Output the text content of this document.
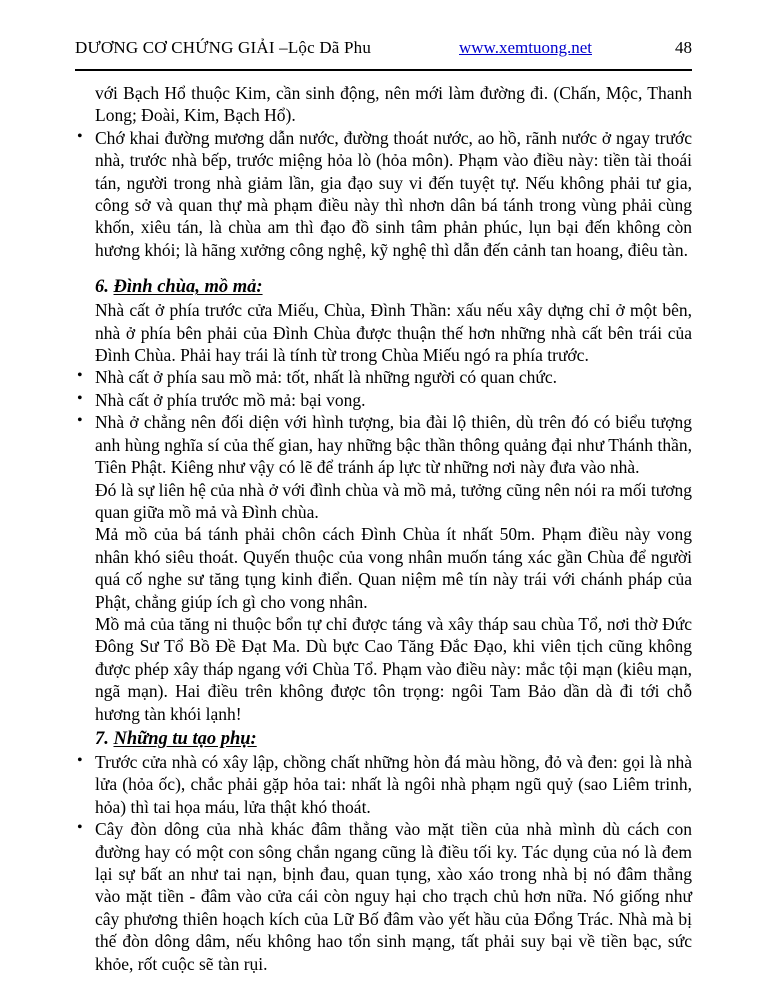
DƯƠNG CƠ CHỨNG GIẢI –Lộc Dã Phu	www.xemtuong.net	48

với Bạch Hổ thuộc Kim, cần sinh động, nên mới làm đường đi. (Chấn, Mộc, Thanh Long; Đoài, Kim, Bạch Hổ).

• Chớ khai đường mương dẫn nước, đường thoát nước, ao hồ, rãnh nước ở ngay trước nhà, trước nhà bếp, trước miệng hỏa lò (hỏa môn). Phạm vào điều này: tiền tài thoái tán, người trong nhà giảm lần, gia đạo suy vi đến tuyệt tự. Nếu không phải tư gia, công sở và quan thự mà phạm điều này thì nhơn dân bá tánh trong vùng phải cùng khốn, xiêu tán, là chùa am thì đạo đồ sinh tâm phản phúc, lụn bại đến không còn hương khói; là hãng xưởng công nghệ, kỹ nghệ thì dẫn đến cảnh tan hoang, điêu tàn.
6. Đình chùa, mồ mả:

Nhà cất ở phía trước cửa Miếu, Chùa, Đình Thần: xấu nếu xây dựng chỉ ở một bên, nhà ở phía bên phải của Đình Chùa được thuận thế hơn những nhà cất bên trái của Đình Chùa. Phải hay trái là tính từ trong Chùa Miếu ngó ra phía trước.

• Nhà cất ở phía sau mồ mả: tốt, nhất là những người có quan chức.
• Nhà cất ở phía trước mồ mả: bại vong.
• Nhà ở chẳng nên đối diện với hình tượng, bia đài lộ thiên, dù trên đó có biểu tượng anh hùng nghĩa sí của thế gian, hay những bậc thần thông quảng đại như Thánh thần, Tiên Phật. Kiêng như vậy có lẽ để tránh áp lực từ những nơi này đưa vào nhà.

Đó là sự liên hệ của nhà ở với đình chùa và mồ mả, tưởng cũng nên nói ra mối tương quan giữa mồ mả và Đình chùa.

Mả mồ của bá tánh phải chôn cách Đình Chùa ít nhất 50m. Phạm điều này vong nhân khó siêu thoát. Quyến thuộc của vong nhân muốn táng xác gần Chùa để người quá cố nghe sư tăng tụng kinh điển. Quan niệm mê tín này trái với chánh pháp của Phật, chẳng giúp ích gì cho vong nhân.

Mồ mả của tăng ni thuộc bổn tự chỉ được táng và xây tháp sau chùa Tổ, nơi thờ Đức Đông Sư Tổ Bồ Đề Đạt Ma. Dù bực Cao Tăng Đắc Đạo, khi viên tịch cũng không được phép xây tháp ngang với Chùa Tổ. Phạm vào điều này: mắc tội mạn (kiêu mạn, ngã mạn). Hai điều trên không được tôn trọng: ngôi Tam Bảo dần dà đi tới chỗ hương tàn khói lạnh!

7. Những tu tạo phụ:
• Trước cửa nhà có xây lập, chồng chất những hòn đá màu hồng, đỏ và đen: gọi là nhà lửa (hỏa ốc), chắc phải gặp hỏa tai: nhất là ngôi nhà phạm ngũ quỷ (sao Liêm trinh, hỏa) thì tai họa máu, lửa thật khó thoát.
• Cây đòn dông của nhà khác đâm thẳng vào mặt tiền của nhà mình dù cách con đường hay có một con sông chắn ngang cũng là điều tối ky. Tác dụng của nó là đem lại sự bất an như tai nạn, bịnh đau, quan tụng, xào xáo trong nhà bị nó đâm thẳng vào mặt tiền - đâm vào cửa cái còn nguy hại cho trạch chủ hơn nữa. Nó giống như cây phương thiên hoạch kích của Lữ Bố đâm vào yết hầu của Đổng Trác. Nhà mà bị thế đòn dông dâm, nếu không hao tổn sinh mạng, tất phải suy bại về tiền bạc, sức khỏe, rốt cuộc sẽ tàn rụi.
